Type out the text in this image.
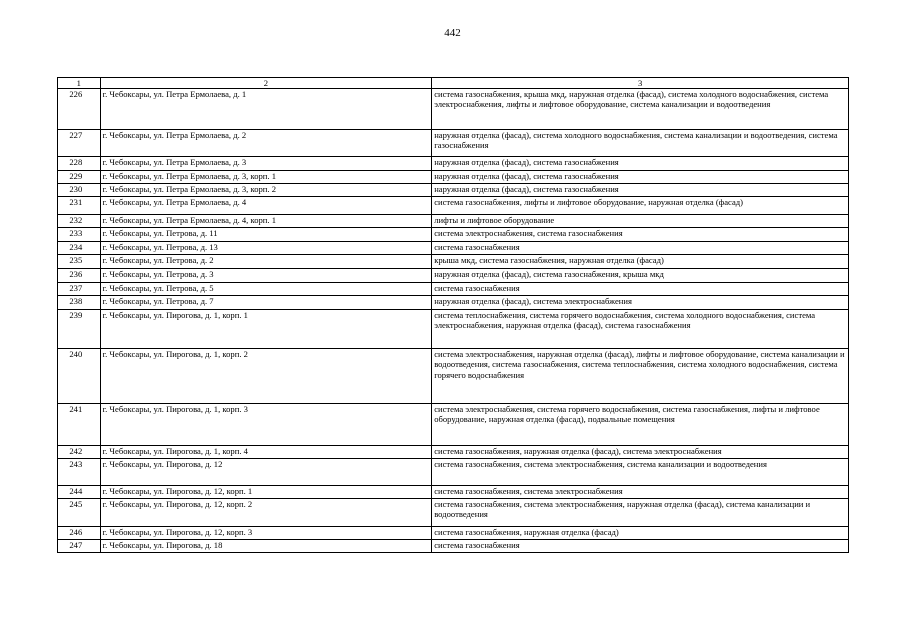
442
1	2	3
226	г. Чебоксары, ул. Петра Ермолаева, д. 1	система газоснабжения, крыша мкд, наружная отделка (фасад), система холодного водоснабжения, система электроснабжения, лифты и лифтовое оборудование, система канализации и водоотведения
227	г. Чебоксары, ул. Петра Ермолаева, д. 2	наружная отделка (фасад), система холодного водоснабжения, система канализации и водоотведения, система газоснабжения
228	г. Чебоксары, ул. Петра Ермолаева, д. 3	наружная отделка (фасад), система газоснабжения
229	г. Чебоксары, ул. Петра Ермолаева, д. 3, корп. 1	наружная отделка (фасад), система газоснабжения
230	г. Чебоксары, ул. Петра Ермолаева, д. 3, корп. 2	наружная отделка (фасад), система газоснабжения
231	г. Чебоксары, ул. Петра Ермолаева, д. 4	система газоснабжения, лифты и лифтовое оборудование, наружная отделка (фасад)
232	г. Чебоксары, ул. Петра Ермолаева, д. 4, корп. 1	лифты и лифтовое оборудование
233	г. Чебоксары, ул. Петрова, д. 11	система электроснабжения, система газоснабжения
234	г. Чебоксары, ул. Петрова, д. 13	система газоснабжения
235	г. Чебоксары, ул. Петрова, д. 2	крыша мкд, система газоснабжения, наружная отделка (фасад)
236	г. Чебоксары, ул. Петрова, д. 3	наружная отделка (фасад), система газоснабжения, крыша мкд
237	г. Чебоксары, ул. Петрова, д. 5	система газоснабжения
238	г. Чебоксары, ул. Петрова, д. 7	наружная отделка (фасад), система электроснабжения
239	г. Чебоксары, ул. Пирогова, д. 1, корп. 1	система теплоснабжения, система горячего водоснабжения, система холодного водоснабжения, система электроснабжения, наружная отделка (фасад), система газоснабжения
240	г. Чебоксары, ул. Пирогова, д. 1, корп. 2	система электроснабжения, наружная отделка (фасад), лифты и лифтовое оборудование, система канализации и водоотведения, система газоснабжения, система теплоснабжения, система холодного водоснабжения, система горячего водоснабжения
241	г. Чебоксары, ул. Пирогова, д. 1, корп. 3	система электроснабжения, система горячего водоснабжения, система газоснабжения, лифты и лифтовое оборудование, наружная отделка (фасад), подвальные помещения
242	г. Чебоксары, ул. Пирогова, д. 1, корп. 4	система газоснабжения, наружная отделка (фасад), система электроснабжения
243	г. Чебоксары, ул. Пирогова, д. 12	система газоснабжения, система электроснабжения, система канализации и водоотведения
244	г. Чебоксары, ул. Пирогова, д. 12, корп. 1	система газоснабжения, система электроснабжения
245	г. Чебоксары, ул. Пирогова, д. 12, корп. 2	система газоснабжения, система электроснабжения, наружная отделка (фасад), система канализации и водоотведения
246	г. Чебоксары, ул. Пирогова, д. 12, корп. 3	система газоснабжения, наружная отделка (фасад)
247	г. Чебоксары, ул. Пирогова, д. 18	система газоснабжения
